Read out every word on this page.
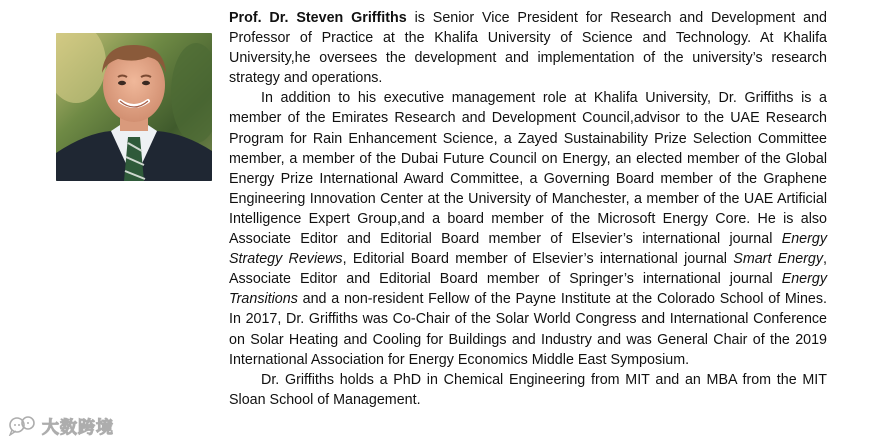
Prof. Dr. Steven Griffiths is Senior Vice President for Research and Development and Professor of Practice at the Khalifa University of Science and Technology. At Khalifa University,he oversees the development and implementation of the university’s research strategy and operations.

In addition to his executive management role at Khalifa University, Dr. Griffiths is a member of the Emirates Research and Development Council,advisor to the UAE Research Program for Rain Enhancement Science, a Zayed Sustainability Prize Selection Committee member, a member of the Dubai Future Council on Energy, an elected member of the Global Energy Prize International Award Committee, a Governing Board member of the Graphene Engineering Innovation Center at the University of Manchester, a member of the UAE Artificial Intelligence Expert Group,and a board member of the Microsoft Energy Core. He is also Associate Editor and Editorial Board member of Elsevier’s international journal Energy Strategy Reviews, Editorial Board member of Elsevier’s international journal Smart Energy, Associate Editor and Editorial Board member of Springer’s international journal Energy Transitions and a non-resident Fellow of the Payne Institute at the Colorado School of Mines. In 2017, Dr. Griffiths was Co-Chair of the Solar World Congress and International Conference on Solar Heating and Cooling for Buildings and Industry and was General Chair of the 2019 International Association for Energy Economics Middle East Symposium.

Dr. Griffiths holds a PhD in Chemical Engineering from MIT and an MBA from the MIT Sloan School of Management.

大数跨境
